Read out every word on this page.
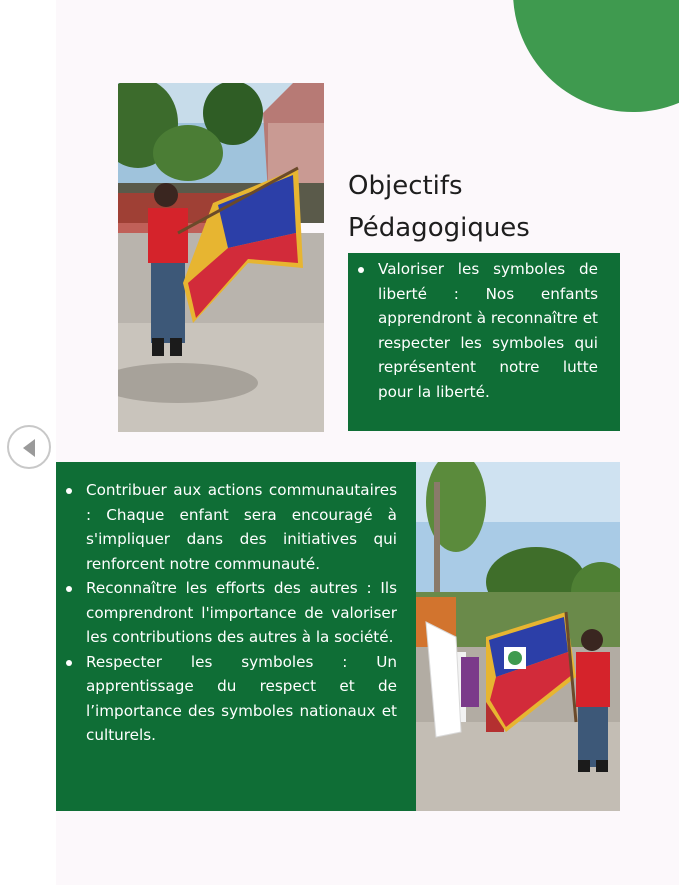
Objectifs
Pédagogiques
Valoriser les symboles de liberté : Nos enfants apprendront à reconnaître et respecter les symboles qui représentent notre lutte pour la liberté.
Contribuer aux actions communautaires : Chaque enfant sera encouragé à s'impliquer dans des initiatives qui renforcent notre communauté.
Reconnaître les efforts des autres : Ils comprendront l'importance de valoriser les contributions des autres à la société.
Respecter les symboles : Un apprentissage du respect et de l’importance des symboles nationaux et culturels.
